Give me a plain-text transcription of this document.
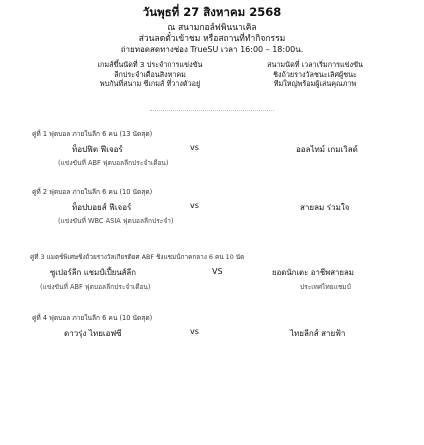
วันพุธที่ 27 สิงหาคม 2568
ณ สนามกอล์ฟพินนาเคิล
ส่วนลดตั๋วเข้าชม หรือสถานที่ทำกิจกรรม
ถ่ายทอดสดทางช่อง TrueSU เวลา 16:00 – 18:00น.
เกมส์ขึ้นนัดที่ 3 ประจำการแข่งขัน
ลีกประจำเดือนสิงหาคม
พบกันที่สนาม ซีเกมส์ ที่วางตัวอยู่
สนามนัดที่ เวลาเริ่มการแข่งขัน
ชิงถ้วยรางวัลชนะเลิศผู้ชนะ
ทีมใหญ่พร้อมผู้เล่นคุณภาพ
คู่ที่ 1 ฟุตบอล ภายในลีก 6 คน (13 นัดสุด)
ท็อปฟิต ฟีเจอร์	vs	ออลไทม์ เกมเวิลด์
(แข่งขันที่ ABF ฟุตบอลลีกประจำเดือน)
คู่ที่ 2 ฟุตบอล ภายในลีก 6 คน (10 นัดสุด)
ท็อปบอยส์ ฟีเจอร์	vs	สายลม ร่วมใจ
(แข่งขันที่ WBC ASIA ฟุตบอลลีกประจำ)
คู่ที่ 3 แมตช์พิเศษชิงถ้วยรางวัลเกียรติยศ ABF ชิงแชมป์ภาคกลาง 6 คน 10 นัด
ซูเปอร์ลีก แชมป์เปี้ยนส์ลีก	VS	ยอดนักเตะ อาชีพสายลม
(แข่งขันที่ ABF ฟุตบอลลีกประจำเดือน)	ประเทศไทยแชมป์
คู่ที่ 4 ฟุตบอล ภายในลีก 6 คน (10 นัดสุด)
ดาวรุ่ง ไทยเอฟซี	vs	ไทยลีกส์ สายฟ้า
